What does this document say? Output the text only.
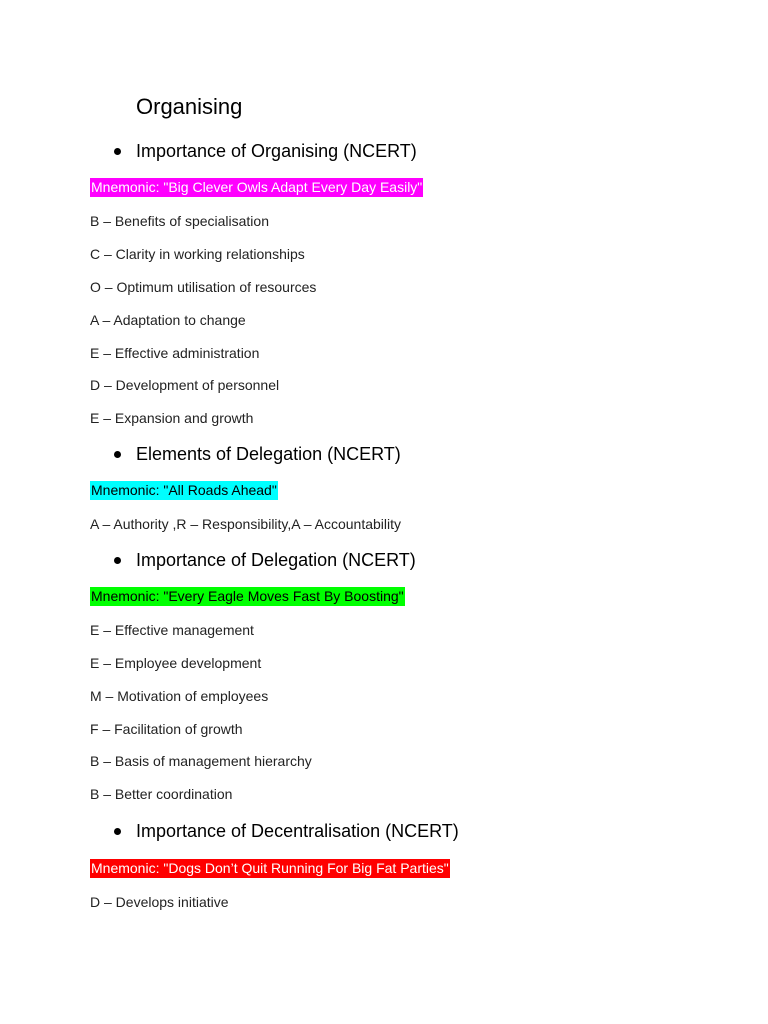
Organising
Importance of Organising (NCERT)
Mnemonic: "Big Clever Owls Adapt Every Day Easily"
B – Benefits of specialisation
C – Clarity in working relationships
O – Optimum utilisation of resources
A – Adaptation to change
E – Effective administration
D – Development of personnel
E – Expansion and growth
Elements of Delegation (NCERT)
Mnemonic: "All Roads Ahead"
A – Authority ,R – Responsibility,A – Accountability
Importance of Delegation (NCERT)
Mnemonic: "Every Eagle Moves Fast By Boosting"
E – Effective management
E – Employee development
M – Motivation of employees
F – Facilitation of growth
B – Basis of management hierarchy
B – Better coordination
Importance of Decentralisation (NCERT)
Mnemonic: "Dogs Don’t Quit Running For Big Fat Parties"
D – Develops initiative
